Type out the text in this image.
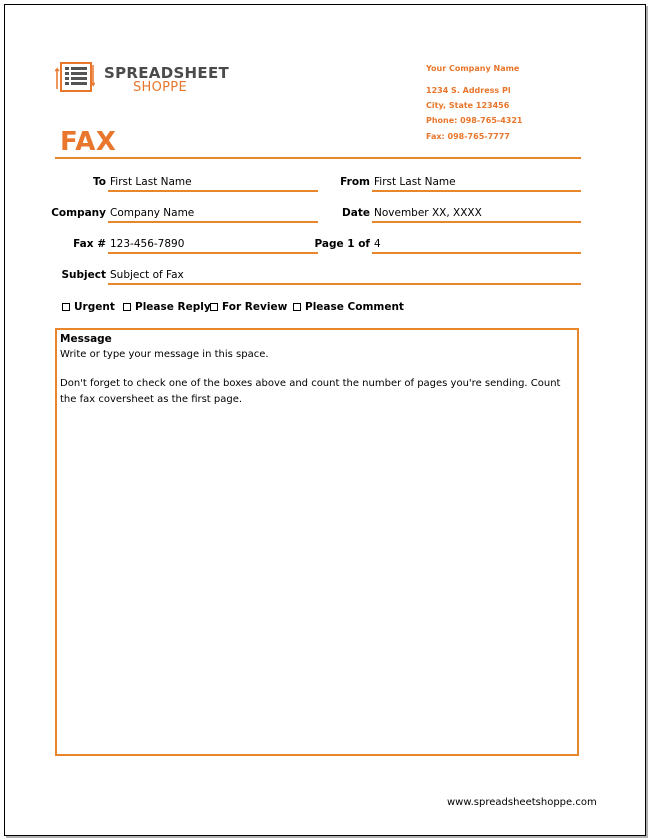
SPREADSHEET
SHOPPE
Your Company Name
1234 S. Address Pl
City, State 123456
Phone: 098-765-4321
Fax: 098-765-7777
FAX
To First Last Name	From First Last Name
Company Company Name	Date November XX, XXXX
Fax # 123-456-7890	Page 1 of 4
Subject Subject of Fax
Urgent Please Reply For Review Please Comment
Message
Write or type your message in this space.
Don't forget to check one of the boxes above and count the number of pages you're sending. Count the fax coversheet as the first page.
www.spreadsheetshoppe.com
